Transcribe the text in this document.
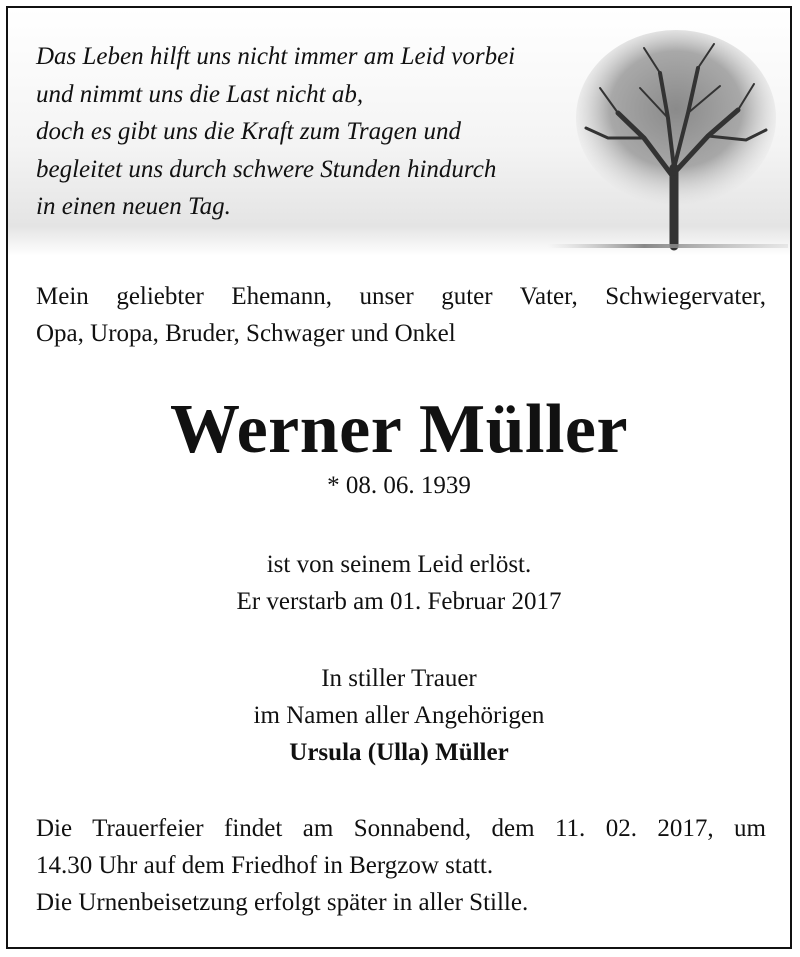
Das Leben hilft uns nicht immer am Leid vorbei
und nimmt uns die Last nicht ab,
doch es gibt uns die Kraft zum Tragen und
begleitet uns durch schwere Stunden hindurch
in einen neuen Tag.
Mein geliebter Ehemann, unser guter Vater, Schwiegervater,
Opa, Uropa, Bruder, Schwager und Onkel
Werner Müller
* 08. 06. 1939
ist von seinem Leid erlöst.
Er verstarb am 01. Februar 2017
In stiller Trauer
im Namen aller Angehörigen
Ursula (Ulla) Müller
Die Trauerfeier findet am Sonnabend, dem 11. 02. 2017, um
14.30 Uhr auf dem Friedhof in Bergzow statt.
Die Urnenbeisetzung erfolgt später in aller Stille.
